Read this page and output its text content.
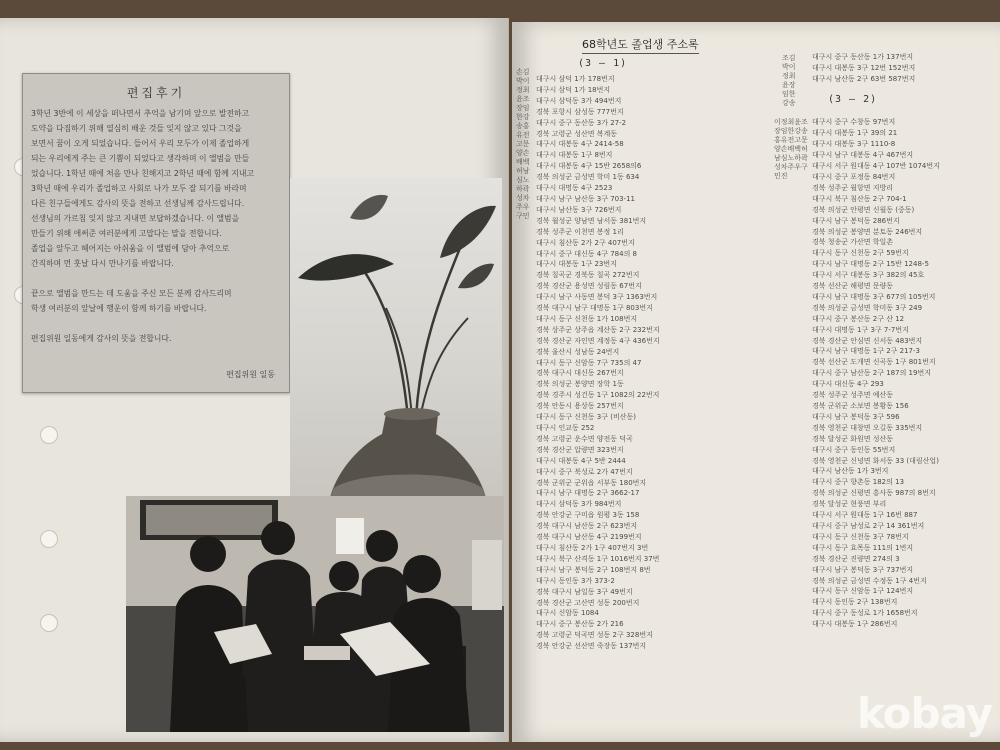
편집후기
3학년 3반에 이 세상을 떠나면서 추억을 남기며 앞으로 발전하고
도약을 다짐하기 위해 열심히 배운 것들 잊지 않고 있다 그것을
보면서 꿈이 오게 되었습니다. 들어서 우리 모두가 이제 졸업하게
되는 우리에게 주는 큰 기쁨이 되었다고 생각하며 이 앨범을 만들
었습니다. 1학년 때에 처음 만나 친해지고 2학년 때에 함께 지내고
3학년 때에 우리가 졸업하고 사회로 나가 모두 잘 되기를 바라며
다른 친구들에게도 감사의 뜻을 전하고 선생님께 감사드립니다.
선생님의 가르침 잊지 않고 지내면 보답하겠습니다. 이 앨범을
만들기 위해 애써준 여러분에게 고맙다는 말을 전합니다.
졸업을 앞두고 헤어지는 아쉬움을 이 앨범에 담아 추억으로
간직하며 먼 훗날 다시 만나기를 바랍니다.

끝으로 앨범을 만드는 데 도움을 주신 모든 분께 감사드리며
학생 여러분의 앞날에 행운이 함께 하기를 바랍니다.

편집위원 일동에게 감사의 뜻을 전합니다.
편집위원 일동
68학년도 졸업생 주소록
(3 — 1)
(3 — 2)
손김박이정최윤조장임한강송홍유전고문양손배백허남심노하곽성차주우구민
조김박이정최윤장임한강송
이정최윤조장임한강송홍유전고문양손배백허남심노하곽성차주우구민진
대구시 삼덕 1가 178번지
대구시 삼덕 1가 18번지
대구시 삼덕동 3가 494번지
경북 포항시 삼성동 777번지
대구시 중구 동산동 3가 27-2
경북 고령군 성산면 복계동
대구시 대봉동 4구 2414-58
대구시 대봉동 1구 8번지
대구시 대봉동 4구 15반 2658의6
경북 의성군 금성면 학미 1동 634
대구시 대명동 4구 2523
대구시 남구 남산동 3구 703-11
대구시 남산동 3구 726번지
경북 월성군 양남면 남서동 381번지
경북 성주군 이천면 봉정 1리
대구시 침산동 2가 2구 407번지
대구시 중구 대신동 4구 784의 8
대구시 대봉동 1구 23번지
경북 칠곡군 경북동 칠곡 272번지
경북 경산군 용성면 성림동 67번지
대구시 남구 사동면 봉덕 3구 1363번지
경북 대구시 남구 대명동 1구 803번지
대구시 동구 신천동 1가 108번지
경북 상주군 상주읍 계산동 2구 232번지
경북 경산군 자인면 계정동 4구 436번지
경북 울산시 성남동 24번지
대구시 동구 신암동 7구 735의 47
경북 대구시 대신동 267번지
경북 의성군 봉양면 장학 1동
경북 경주시 성건동 1구 1082의 22번지
경북 안동시 용상동 257번지
대구시 동구 신천동 3구 (비산동)
대구시 인교동 252
경북 고령군 운수면 양전동 덕곡
경북 경산군 압량면 323번지
대구시 대봉동 4구 5반 2444
대구시 중구 북성로 2가 47번지
경북 군위군 군위읍 서부동 180번지
대구시 남구 대명동 2구 3662-17
대구시 삼덕동 3가 984번지
경북 안강군 구미읍 원평 3동 158
경북 대구시 남산동 2구 623번지
경북 대구시 남산동 4구 2199번지
대구시 침산동 2가 1구 407번지 3번
대구시 북구 산격동 1구 1016번지 37번
대구시 남구 봉덕동 2구 108번지 8번
대구시 동인동 3가 373-2
경북 대구시 남일동 3구 49번지
경북 경산군 고산면 성동 200번지
대구시 신암동 1084
대구시 중구 봉산동 2가 216
경북 고령군 덕곡면 성동 2구 328번지
경북 안강군 선산면 죽장동 137번지
대구시 중구 동산동 1가 137번지
대구시 대봉동 3구 12번 152번지
대구시 남산동 2구 63번 587번지

대구시 중구 수창동 97번지
대구시 대봉동 1구 39의 21
대구시 대봉동 3구 1110-8
대구시 남구 대봉동 4구 467번지
대구시 서구 원대동 4구 107반 1074번지
대구시 중구 포정동 84번지
경북 성주군 월항면 지방리
대구시 북구 침산동 2구 704-1
경북 의성군 안평면 신월동 (중동)
대구시 남구 봉덕동 286번지
경북 의성군 봉양면 분토동 246번지
경북 청송군 가산면 학일촌
대구시 동구 신천동 2구 59번지
대구시 남구 대명동 2구 15반 1248-5
대구시 서구 대봉동 3구 382의 45호
경북 선산군 해평면 문량동
대구시 남구 대명동 3구 677의 105번지
경북 의성군 금성면 학미동 3구 249
대구시 중구 봉산동 2구 산 12
대구시 대명동 1구 3구 7-7번지
경북 경산군 안심면 신서동 483번지
대구시 남구 대명동 1구 2구 217-3
경북 선산군 도개면 신곡동 1구 801번지
대구시 중구 남산동 2구 187의 19번지
대구시 대신동 4구 293
경북 성주군 성주면 예산동
경북 군위군 소보면 봉황동 156
대구시 남구 봉덕동 3구 596
경북 영천군 대창면 오길동 335번지
경북 달성군 화원면 성산동
대구시 중구 동인동 55번지
경북 영천군 신녕면 화서동 33 (대림산업)
대구시 남산동 1가 3번지
대구시 중구 향촌동 182의 13
경북 의성군 신평면 흥사동 987의 8번지
경북 달성군 현풍면 부리
대구시 서구 원대동 1구 16번 887
대구시 중구 남성로 2구 14 361번지
대구시 동구 신천동 3구 78번지
대구시 동구 효목동 111의 1번지
경북 경산군 진량면 274의 3
대구시 남구 봉덕동 3구 737번지
경북 의성군 금성면 수정동 1구 4번지
대구시 동구 신암동 1구 124번지
대구시 동인동 2구 138번지
대구시 중구 동성로 1가 1658번지
대구시 대봉동 1구 286번지
kobay
